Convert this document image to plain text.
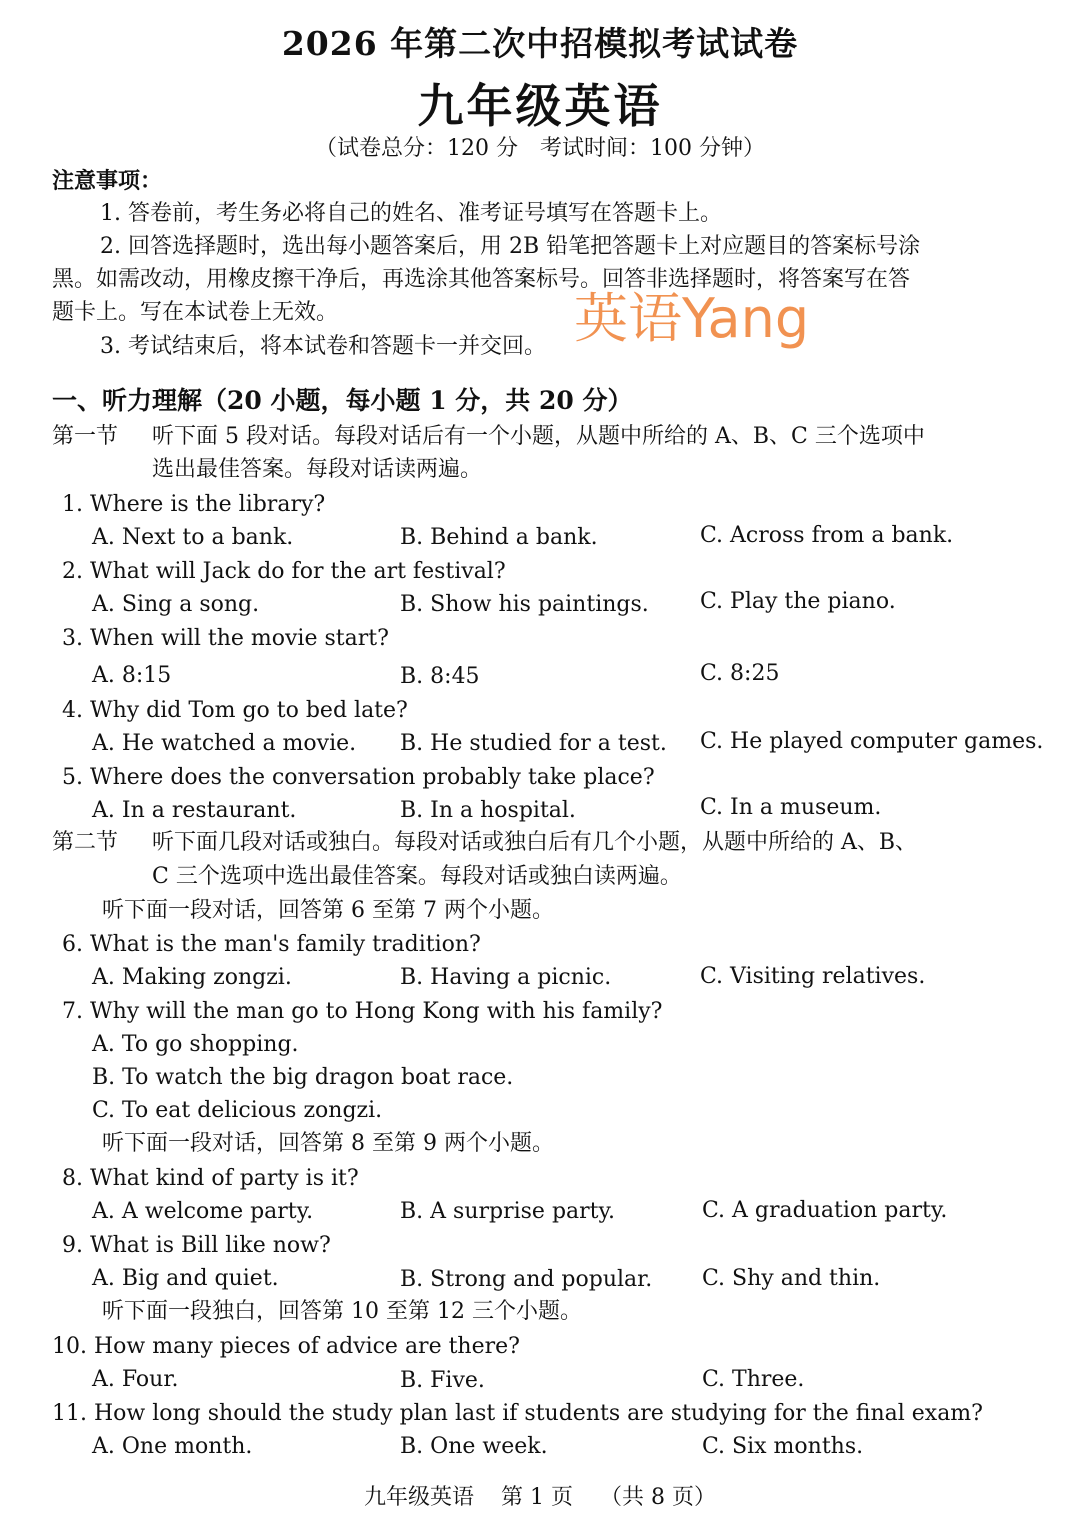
2026 年第二次中招模拟考试试卷
九年级英语
（试卷总分：120 分　考试时间：100 分钟）
注意事项：
1. 答卷前，考生务必将自己的姓名、准考证号填写在答题卡上。
2. 回答选择题时，选出每小题答案后，用 2B 铅笔把答题卡上对应题目的答案标号涂
黑。如需改动，用橡皮擦干净后，再选涂其他答案标号。回答非选择题时，将答案写在答
题卡上。写在本试卷上无效。
3. 考试结束后，将本试卷和答题卡一并交回。 英语Yang
一、听力理解（20 小题，每小题 1 分，共 20 分）
第一节 听下面 5 段对话。每段对话后有一个小题，从题中所给的 A、B、C 三个选项中
选出最佳答案。每段对话读两遍。
1. Where is the library?
A. Next to a bank.	B. Behind a bank.	C. Across from a bank.
2. What will Jack do for the art festival?
A. Sing a song.	B. Show his paintings. C. Play the piano.
3. When will the movie start?
A. 8:15	B. 8:45	C. 8:25
4. Why did Tom go to bed late?
A. He watched a movie. B. He studied for a test. C. He played computer games.
5. Where does the conversation probably take place?
A. In a restaurant.	B. In a hospital.	C. In a museum.
第二节 听下面几段对话或独白。每段对话或独白后有几个小题，从题中所给的 A、B、
C 三个选项中选出最佳答案。每段对话或独白读两遍。
听下面一段对话，回答第 6 至第 7 两个小题。
6. What is the man's family tradition?
A. Making zongzi.	B. Having a picnic.	C. Visiting relatives.
7. Why will the man go to Hong Kong with his family?
A. To go shopping.
B. To watch the big dragon boat race.
C. To eat delicious zongzi.
听下面一段对话，回答第 8 至第 9 两个小题。
8. What kind of party is it?
A. A welcome party.	B. A surprise party.	C. A graduation party.
9. What is Bill like now?
A. Big and quiet.	B. Strong and popular. C. Shy and thin.
听下面一段独白，回答第 10 至第 12 三个小题。
10. How many pieces of advice are there?
A. Four.	B. Five.	C. Three.
11. How long should the study plan last if students are studying for the final exam?
A. One month.	B. One week.	C. Six months.
九年级英语 第 1 页 （共 8 页）
